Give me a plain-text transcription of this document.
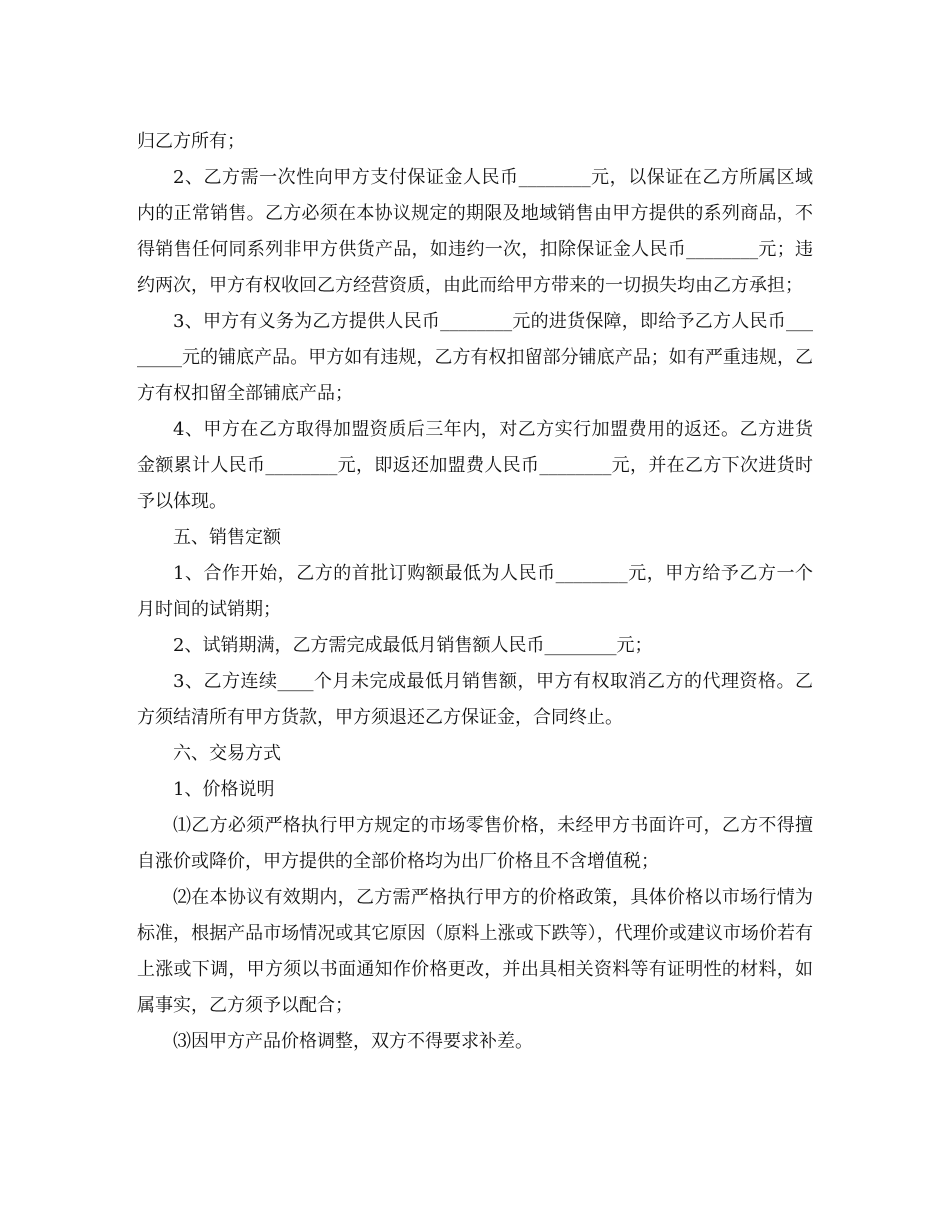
归乙方所有；

2、乙方需一次性向甲方支付保证金人民币________元，以保证在乙方所属区域内的正常销售。乙方必须在本协议规定的期限及地域销售由甲方提供的系列商品，不得销售任何同系列非甲方供货产品，如违约一次，扣除保证金人民币________元；违约两次，甲方有权收回乙方经营资质，由此而给甲方带来的一切损失均由乙方承担；

3、甲方有义务为乙方提供人民币________元的进货保障，即给予乙方人民币________元的铺底产品。甲方如有违规，乙方有权扣留部分铺底产品；如有严重违规，乙方有权扣留全部铺底产品；

4、甲方在乙方取得加盟资质后三年内，对乙方实行加盟费用的返还。乙方进货金额累计人民币________元，即返还加盟费人民币________元，并在乙方下次进货时予以体现。

五、销售定额

1、合作开始，乙方的首批订购额最低为人民币________元，甲方给予乙方一个月时间的试销期；

2、试销期满，乙方需完成最低月销售额人民币________元；

3、乙方连续____个月未完成最低月销售额，甲方有权取消乙方的代理资格。乙方须结清所有甲方货款，甲方须退还乙方保证金，合同终止。

六、交易方式

1、价格说明

⑴乙方必须严格执行甲方规定的市场零售价格，未经甲方书面许可，乙方不得擅自涨价或降价，甲方提供的全部价格均为出厂价格且不含增值税；

⑵在本协议有效期内，乙方需严格执行甲方的价格政策，具体价格以市场行情为标准，根据产品市场情况或其它原因（原料上涨或下跌等），代理价或建议市场价若有上涨或下调，甲方须以书面通知作价格更改，并出具相关资料等有证明性的材料，如属事实，乙方须予以配合；

⑶因甲方产品价格调整，双方不得要求补差。
